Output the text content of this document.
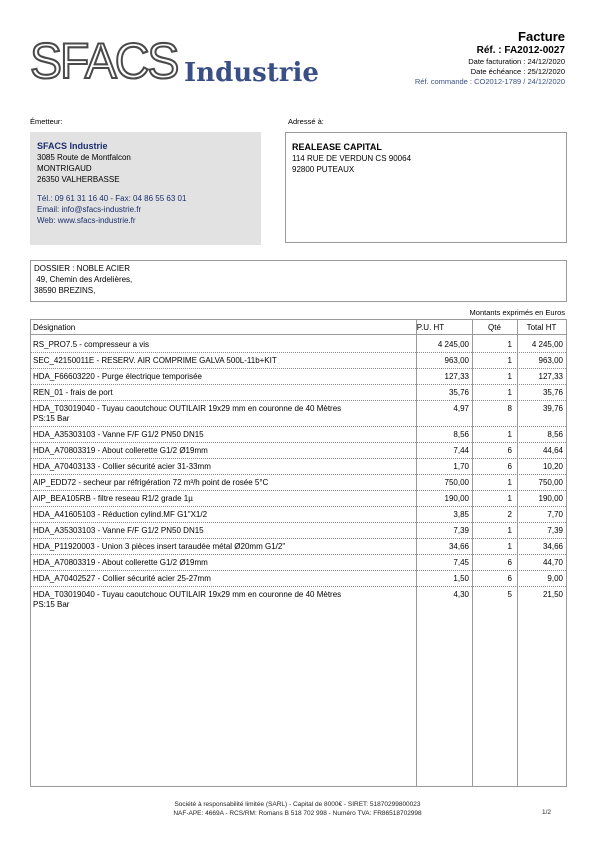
SFACS Industrie
Facture
Réf. : FA2012-0027
Date facturation : 24/12/2020
Date échéance : 25/12/2020
Réf. commande : CO2012-1789 / 24/12/2020
Émetteur:	Adressé à:
SFACS Industrie
3085 Route de Montfalcon
MONTRIGAUD
26350 VALHERBASSE
Tél.: 09 61 31 16 40 - Fax: 04 86 55 63 01
Email: info@sfacs-industrie.fr
Web: www.sfacs-industrie.fr
REALEASE CAPITAL
114 RUE DE VERDUN CS 90064
92800 PUTEAUX
DOSSIER : NOBLE ACIER
49, Chemin des Ardelières,
38590 BREZINS,
Montants exprimés en Euros
Désignation	P.U. HT	Qté	Total HT
RS_PRO7.5 - compresseur a vis	4 245,00	1	4 245,00
SEC_42150011E - RESERV. AIR COMPRIME GALVA 500L-11b+KIT	963,00	1	963,00
HDA_F66603220 - Purge électrique temporisée	127,33	1	127,33
REN_01 - frais de port	35,76	1	35,76
HDA_T03019040 - Tuyau caoutchouc OUTILAIR 19x29 mm en couronne de 40 Mètres
PS:15 Bar
4,97	8	39,76
HDA_A35303103 - Vanne F/F G1/2 PN50 DN15	8,56	1	8,56
HDA_A70803319 - About collerette G1/2 Ø19mm	7,44	6	44,64
HDA_A70403133 - Collier sécurité acier 31-33mm	1,70	6	10,20
AIP_EDD72 - secheur par réfrigération 72 m³/h point de rosée 5°C	750,00	1	750,00
AIP_BEA105RB - filtre reseau R1/2 grade 1µ	190,00	1	190,00
HDA_A41605103 - Réduction cylind.MF G1"X1/2	3,85	2	7,70
HDA_A35303103 - Vanne F/F G1/2 PN50 DN15	7,39	1	7,39
HDA_P11920003 - Union 3 pièces insert taraudée métal Ø20mm G1/2"	34,66	1	34,66
HDA_A70803319 - About collerette G1/2 Ø19mm	7,45	6	44,70
HDA_A70402527 - Collier sécurité acier 25-27mm	1,50	6	9,00
HDA_T03019040 - Tuyau caoutchouc OUTILAIR 19x29 mm en couronne de 40 Mètres
PS:15 Bar
4,30	5	21,50
Société à responsabilité limitée (SARL) - Capital de 8000€ - SIRET: 51870299800023
NAF-APE: 4669A - RCS/RM: Romans B 518 702 998 - Numéro TVA: FR86518702998	1/2
